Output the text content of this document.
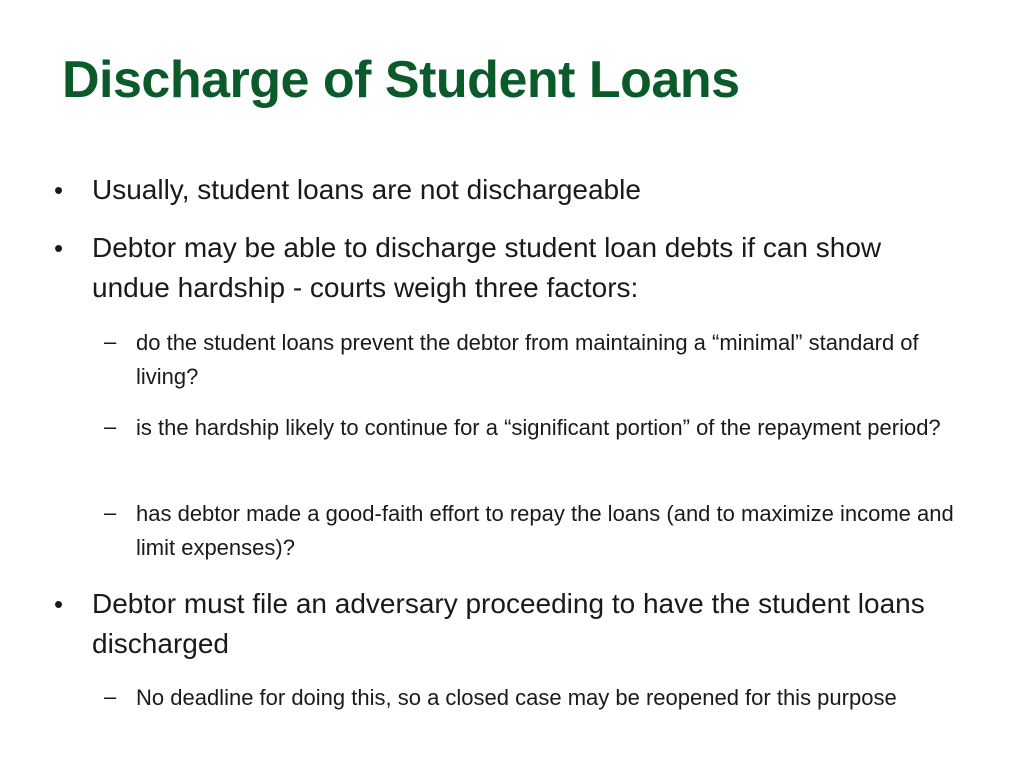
Discharge of Student Loans
• Usually, student loans are not dischargeable
• Debtor may be able to discharge student loan debts if can show undue hardship - courts weigh three factors:
– do the student loans prevent the debtor from maintaining a “minimal” standard of living?
– is the hardship likely to continue for a “significant portion” of the repayment period?
– has debtor made a good-faith effort to repay the loans (and to maximize income and limit expenses)?
• Debtor must file an adversary proceeding to have the student loans discharged
– No deadline for doing this, so a closed case may be reopened for this purpose
